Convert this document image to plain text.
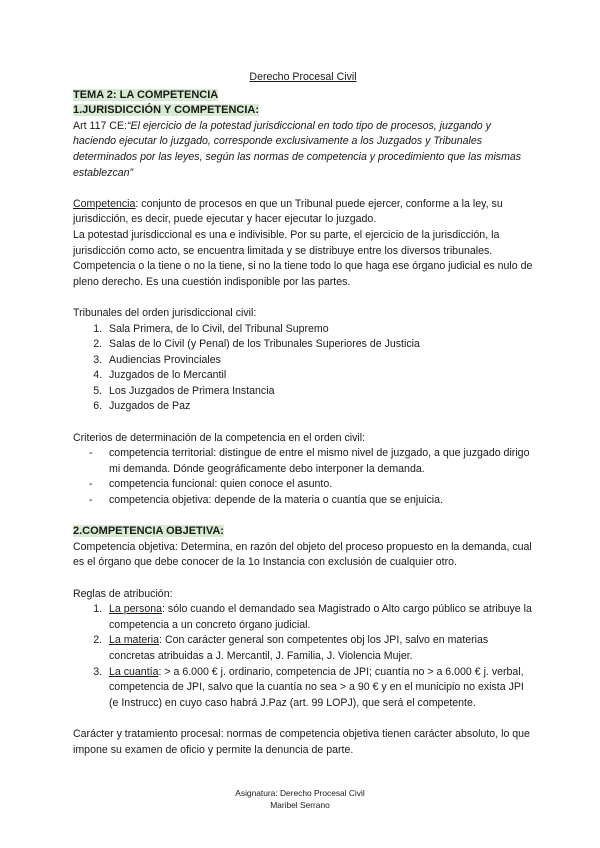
Derecho Procesal Civil
TEMA 2: LA COMPETENCIA
1.JURISDICCIÓN Y COMPETENCIA:

Art 117 CE:“El ejercicio de la potestad jurisdiccional en todo tipo de procesos, juzgando y haciendo ejecutar lo juzgado, corresponde exclusivamente a los Juzgados y Tribunales determinados por las leyes, según las normas de competencia y procedimiento que las mismas establezcan”

Competencia: conjunto de procesos en que un Tribunal puede ejercer, conforme a la ley, su jurisdicción, es decir, puede ejecutar y hacer ejecutar lo juzgado.

La potestad jurisdiccional es una e indivisible. Por su parte, el ejercicio de la jurisdicción, la jurisdicción como acto, se encuentra limitada y se distribuye entre los diversos tribunales. Competencia o la tiene o no la tiene, si no la tiene todo lo que haga ese órgano judicial es nulo de pleno derecho. Es una cuestión indisponible por las partes.

Tribunales del orden jurisdiccional civil:

1. Sala Primera, de lo Civil, del Tribunal Supremo
2. Salas de lo Civil (y Penal) de los Tribunales Superiores de Justicia
3. Audiencias Provinciales
4. Juzgados de lo Mercantil
5. Los Juzgados de Primera Instancia
6. Juzgados de Paz

Criterios de determinación de la competencia en el orden civil:

- competencia territorial: distingue de entre el mismo nivel de juzgado, a que juzgado dirigo mi demanda. Dónde geográficamente debo interponer la demanda.
- competencia funcional: quien conoce el asunto.
- competencia objetiva: depende de la materia o cuantía que se enjuicia.
2.COMPETENCIA OBJETIVA:

Competencia objetiva: Determina, en razón del objeto del proceso propuesto en la demanda, cual es el órgano que debe conocer de la 1o Instancia con exclusión de cualquier otro.

Reglas de atribución:

1. La persona: sólo cuando el demandado sea Magistrado o Alto cargo público se atribuye la competencia a un concreto órgano judicial.
2. La materia: Con carácter general son competentes obj los JPI, salvo en materias concretas atribuidas a J. Mercantil, J. Familia, J. Violencia Mujer.
3. La cuantía: > a 6.000 € j. ordinario, competencia de JPI; cuantía no > a 6.000 € j. verbal, competencia de JPI, salvo que la cuantía no sea > a 90 € y en el municipio no exista JPI (e Instrucc) en cuyo caso habrá J.Paz (art. 99 LOPJ), que será el competente.

Carácter y tratamiento procesal: normas de competencia objetiva tienen carácter absoluto, lo que impone su examen de oficio y permite la denuncia de parte.

Asignatura: Derecho Procesal Civil
Maribel Serrano
